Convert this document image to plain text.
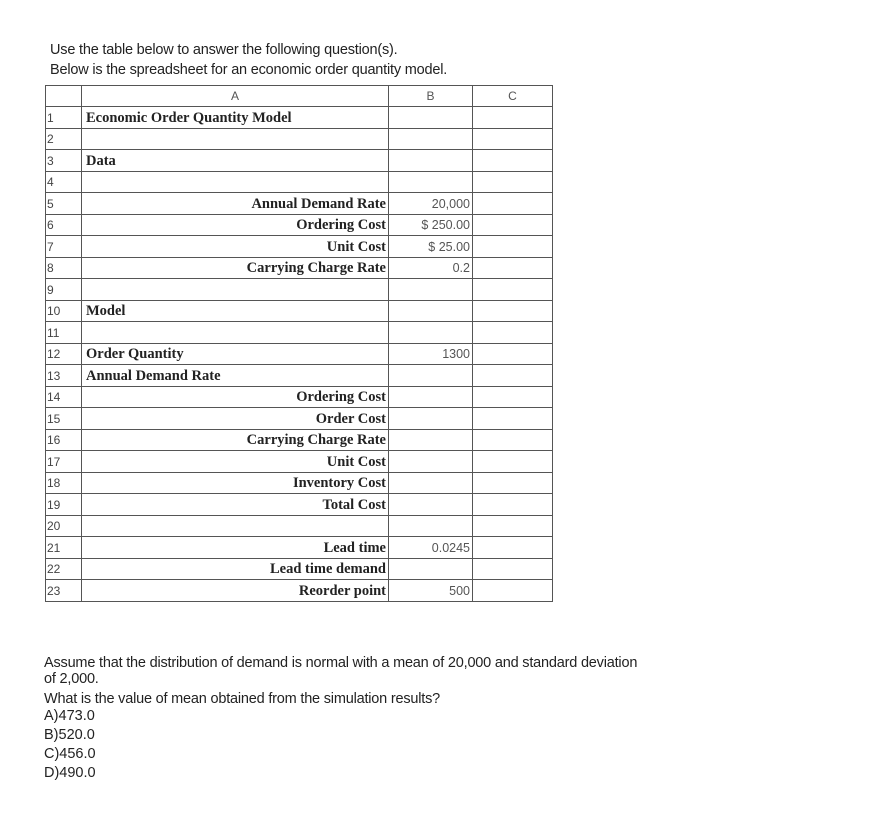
Use the table below to answer the following question(s).
Below is the spreadsheet for an economic order quantity model.
	A	B	C
1	Economic Order Quantity Model		
2			
3	Data		
4			
5	Annual Demand Rate	20,000	
6	Ordering Cost	$ 250.00	
7	Unit Cost	$ 25.00	
8	Carrying Charge Rate	0.2	
9			
10	Model		
11			
12	Order Quantity	1300	
13	Annual Demand Rate		
14	Ordering Cost		
15	Order Cost		
16	Carrying Charge Rate		
17	Unit Cost		
18	Inventory Cost		
19	Total Cost		
20			
21	Lead time	0.0245	
22	Lead time demand		
23	Reorder point	500	
Assume that the distribution of demand is normal with a mean of 20,000 and standard deviation
of 2,000.
What is the value of mean obtained from the simulation results?
A)473.0
B)520.0
C)456.0
D)490.0
